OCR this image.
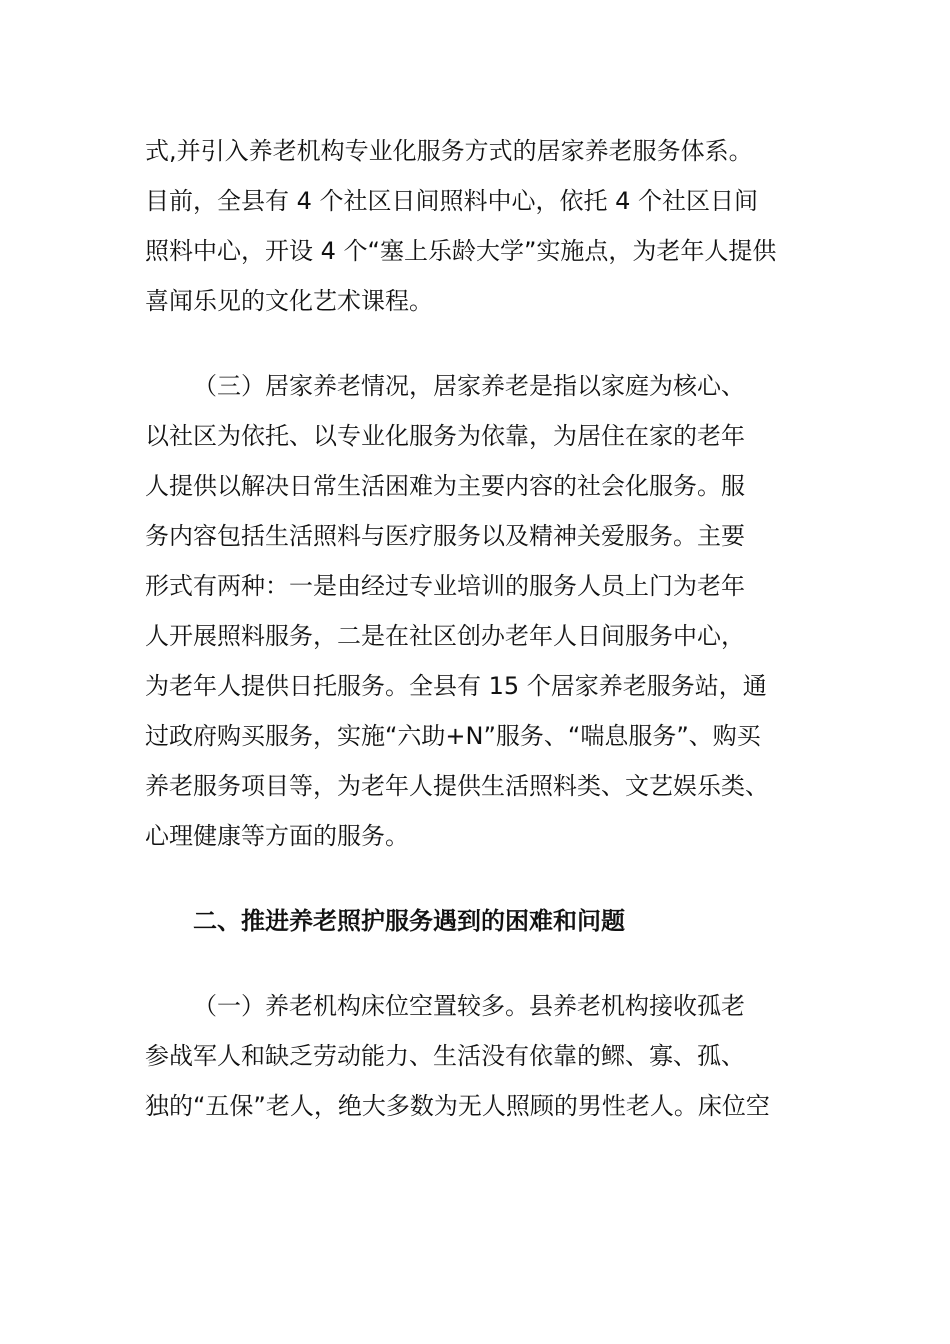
式,并引入养老机构专业化服务方式的居家养老服务体系。
目前，全县有 4 个社区日间照料中心，依托 4 个社区日间
照料中心，开设 4 个“塞上乐龄大学”实施点，为老年人提供
喜闻乐见的文化艺术课程。
（三）居家养老情况，居家养老是指以家庭为核心、
以社区为依托、以专业化服务为依靠，为居住在家的老年
人提供以解决日常生活困难为主要内容的社会化服务。服
务内容包括生活照料与医疗服务以及精神关爱服务。主要
形式有两种：一是由经过专业培训的服务人员上门为老年
人开展照料服务，二是在社区创办老年人日间服务中心，
为老年人提供日托服务。全县有 15 个居家养老服务站，通
过政府购买服务，实施“六助+N”服务、“喘息服务”、购买
养老服务项目等，为老年人提供生活照料类、文艺娱乐类、
心理健康等方面的服务。
二、推进养老照护服务遇到的困难和问题
（一）养老机构床位空置较多。县养老机构接收孤老
参战军人和缺乏劳动能力、生活没有依靠的鳏、寡、孤、
独的“五保”老人，绝大多数为无人照顾的男性老人。床位空
